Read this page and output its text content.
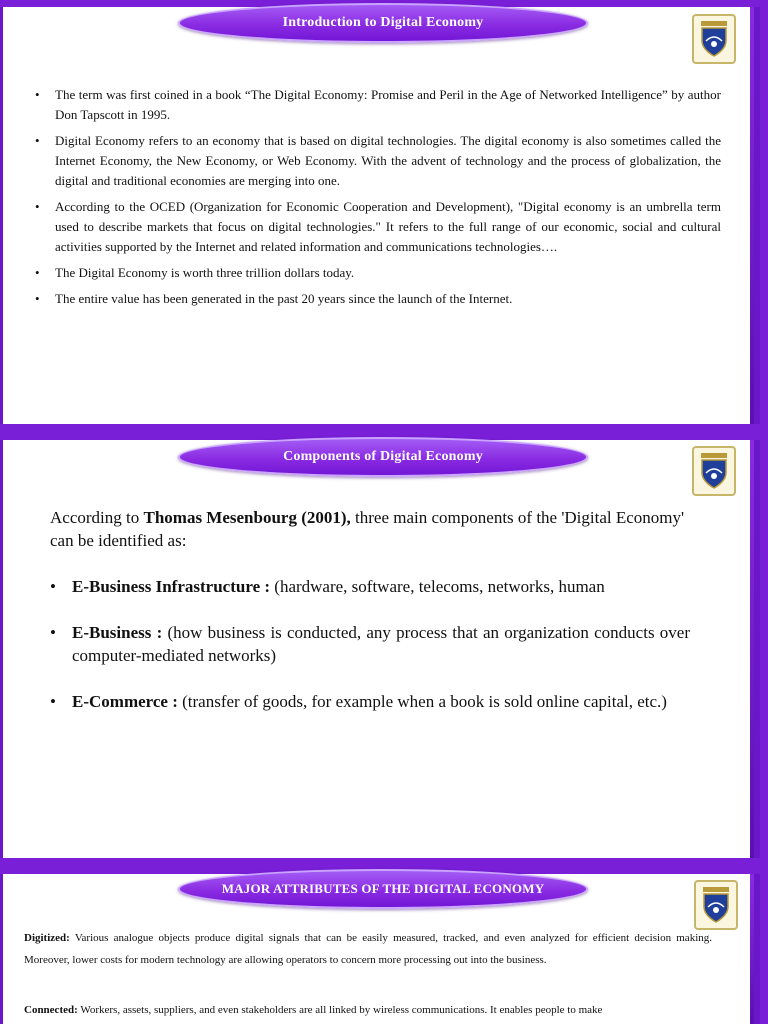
• The term was first coined in a book “The Digital Economy: Promise and Peril in the Age of Networked Intelligence” by author Don Tapscott in 1995.
• Digital Economy refers to an economy that is based on digital technologies. The digital economy is also sometimes called the Internet Economy, the New Economy, or Web Economy. With the advent of technology and the process of globalization, the digital and traditional economies are merging into one.
• According to the OCED (Organization for Economic Cooperation and Development), "Digital economy is an umbrella term used to describe markets that focus on digital technologies." It refers to the full range of our economic, social and cultural activities supported by the Internet and related information and communications technologies….
• The Digital Economy is worth three trillion dollars today.
• The entire value has been generated in the past 20 years since the launch of the Internet.
Introduction to Digital Economy
Components of Digital Economy
According to Thomas Mesenbourg (2001), three main components of the 'Digital Economy' can be identified as:
• E-Business Infrastructure : (hardware, software, telecoms, networks, human
• E-Business : (how business is conducted, any process that an organization conducts over computer-mediated networks)
• E-Commerce : (transfer of goods, for example when a book is sold online capital, etc.)
MAJOR ATTRIBUTES OF THE DIGITAL ECONOMY

Digitized: Various analogue objects produce digital signals that can be easily measured, tracked, and even analyzed for efficient decision making. Moreover, lower costs for modern technology are allowing operators to concern more processing out into the business.

Connected: Workers, assets, suppliers, and even stakeholders are all linked by wireless communications. It enables people to make
